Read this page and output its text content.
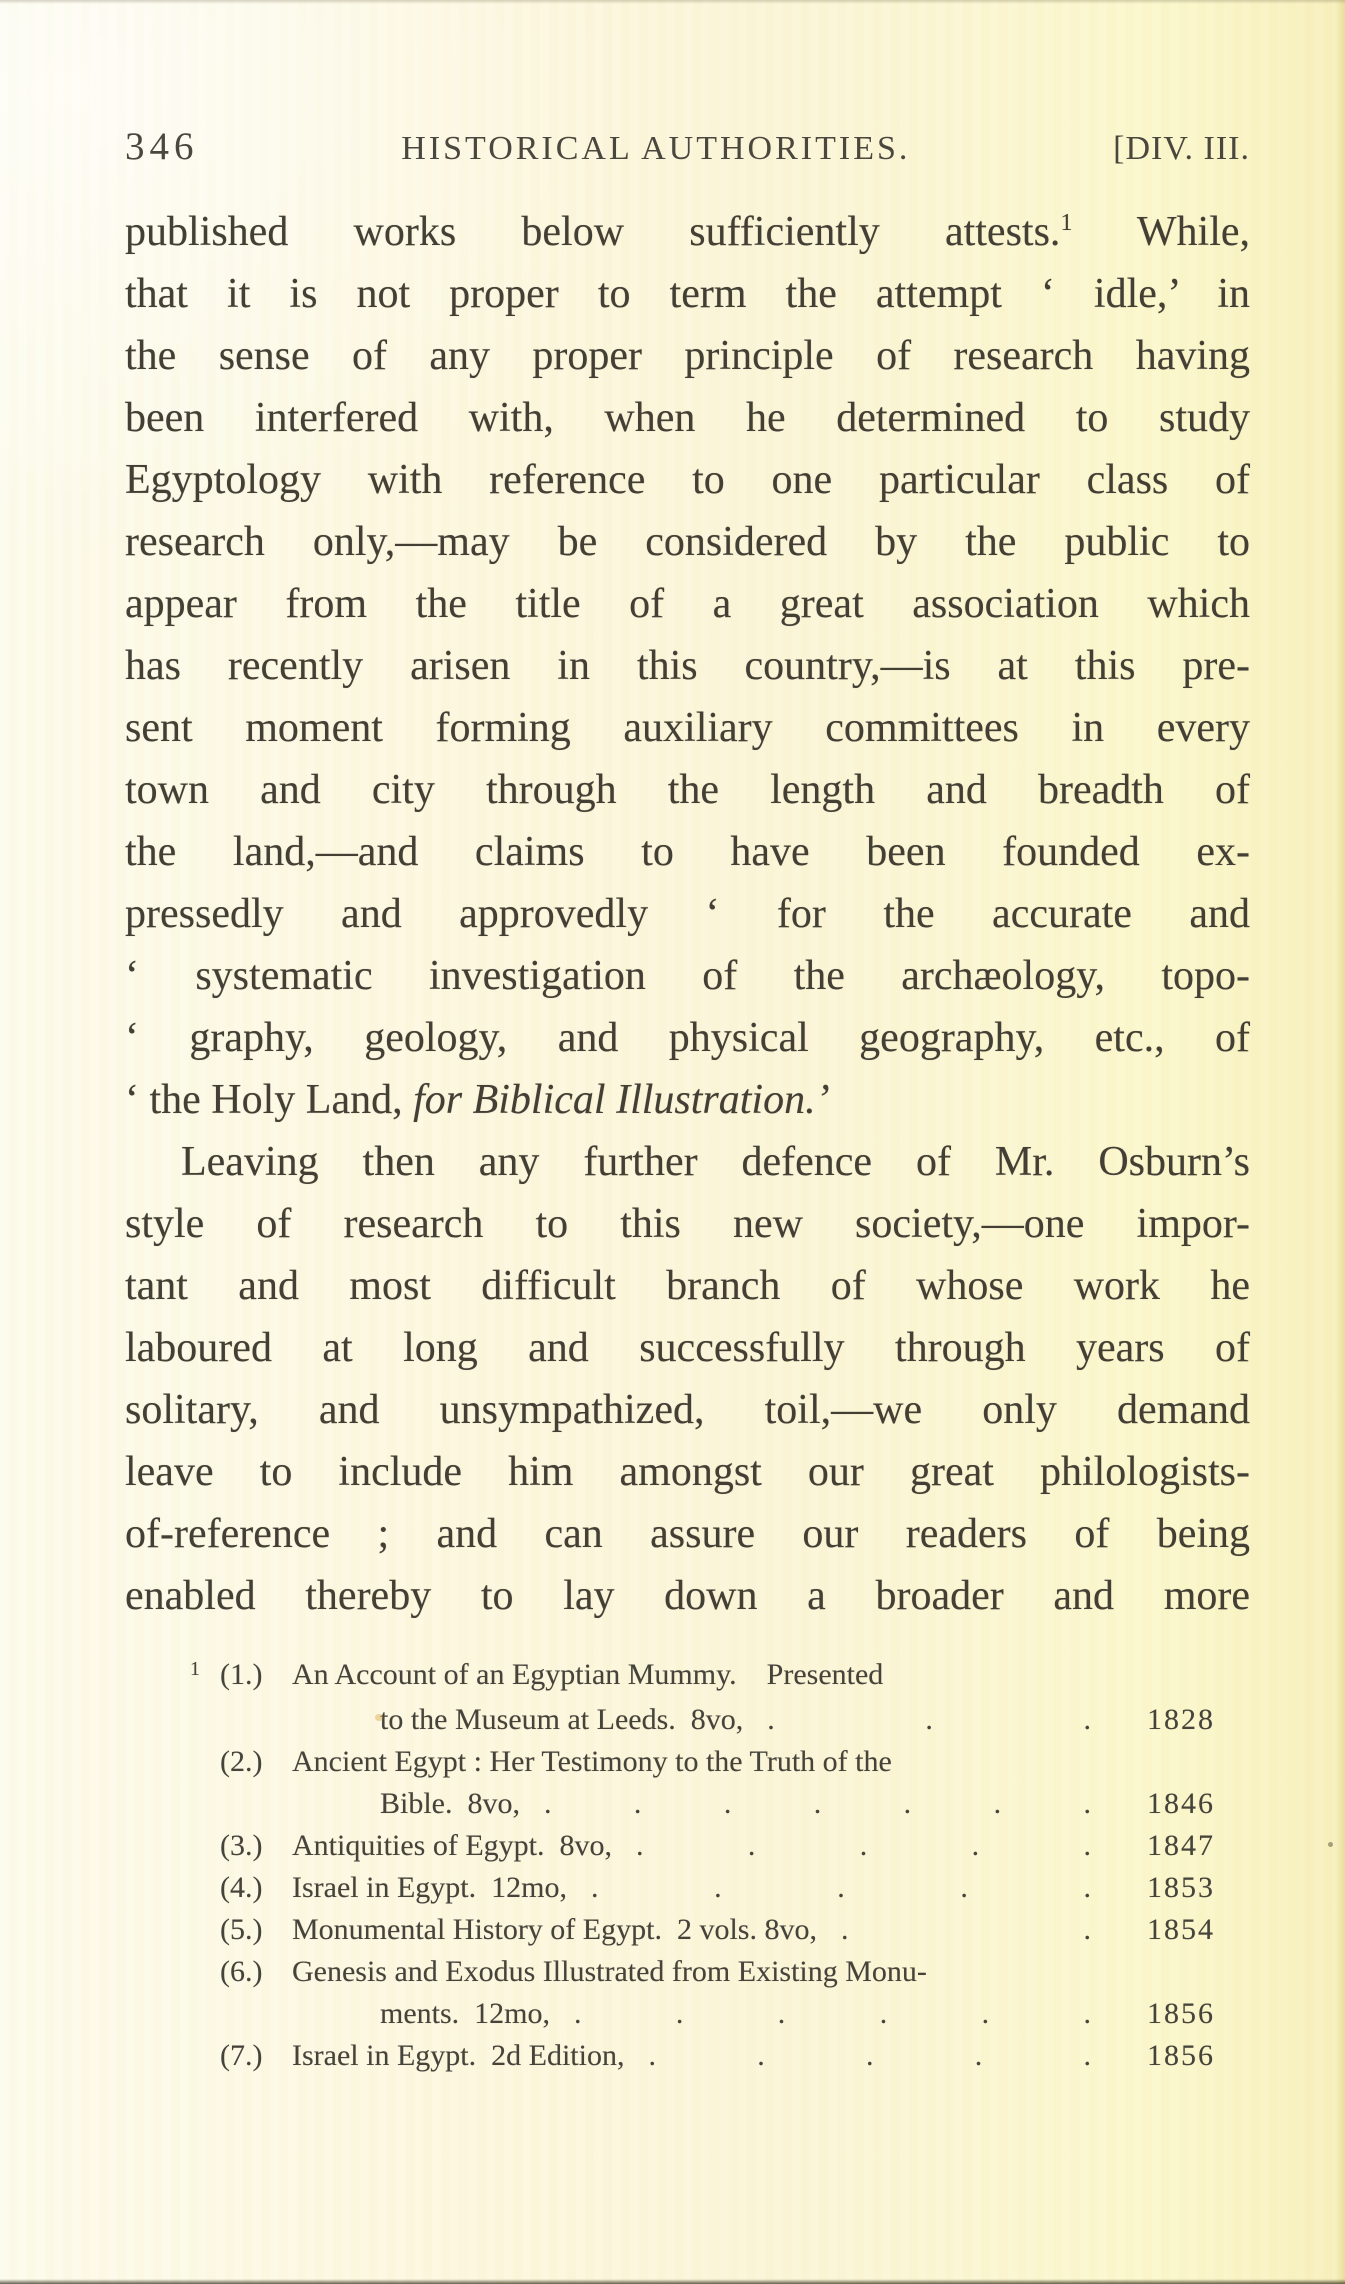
346	HISTORICAL AUTHORITIES.	[DIV. III.
published works below sufficiently attests.$^1$ While,
that it is not proper to term the attempt ‘ idle,’ in
the sense of any proper principle of research having
been interfered with, when he determined to study
Egyptology with reference to one particular class of
research only,—may be considered by the public to
appear from the title of a great association which
has recently arisen in this country,—is at this pre-
sent moment forming auxiliary committees in every
town and city through the length and breadth of
the land,—and claims to have been founded ex-
pressedly and approvedly ‘ for the accurate and
‘ systematic investigation of the archæology, topo-
‘ graphy, geology, and physical geography, etc., of
‘ the Holy Land, for Biblical Illustration.’
Leaving then any further defence of Mr. Osburn’s
style of research to this new society,—one impor-
tant and most difficult branch of whose work he
laboured at long and successfully through years of
solitary, and unsympathized, toil,—we only demand
leave to include him amongst our great philologists-
of-reference ; and can assure our readers of being
enabled thereby to lay down a broader and more
1 (1.) An Account of an Egyptian Mummy. Presented
to the Museum at Leeds. 8vo, . . .	1828
(2.) Ancient Egypt : Her Testimony to the Truth of the
Bible. 8vo, . . . . . . .	1846
(3.) Antiquities of Egypt. 8vo, . . . . .	1847
(4.) Israel in Egypt. 12mo, . . . . .	1853
(5.) Monumental History of Egypt. 2 vols. 8vo, . .	1854
(6.) Genesis and Exodus Illustrated from Existing Monu-
ments. 12mo, . . . . . .	1856
(7.) Israel in Egypt. 2d Edition, . . . . .	1856
